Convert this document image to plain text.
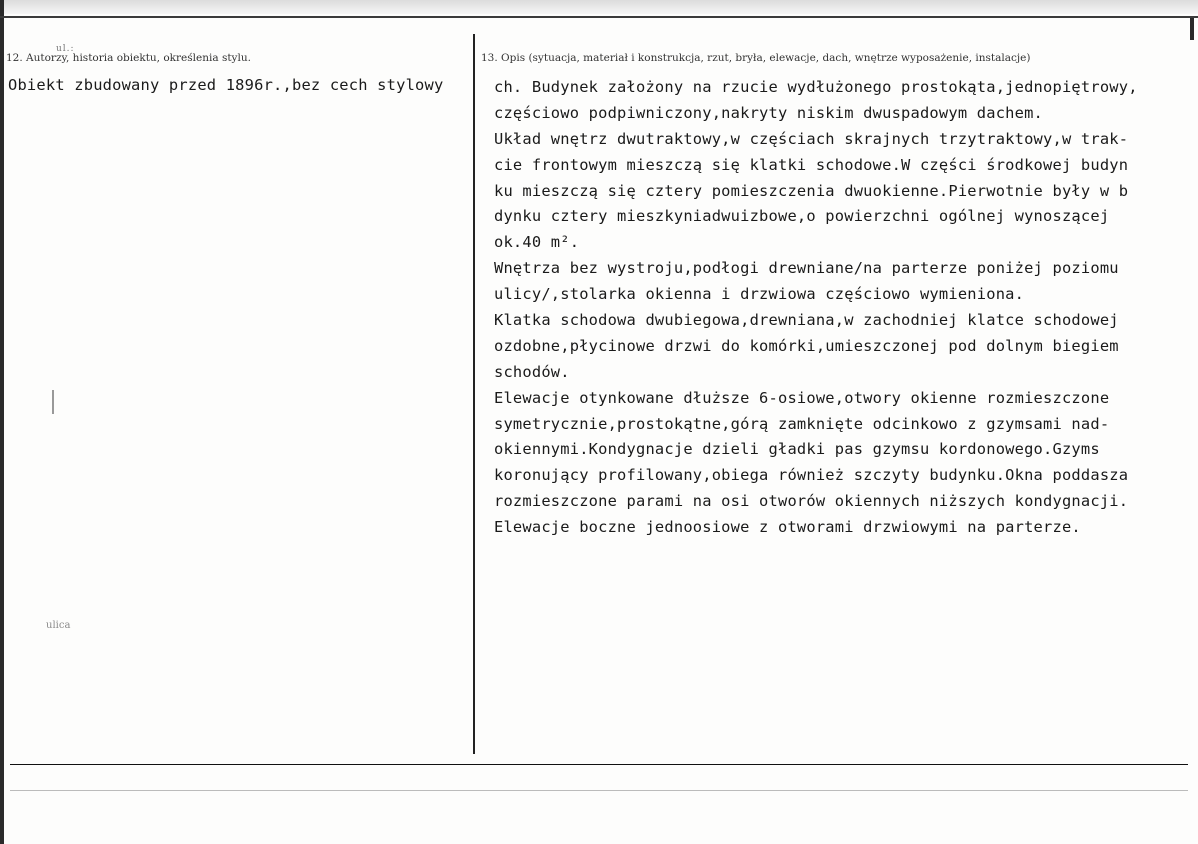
ul.:
ulica
12. Autorzy, historia obiektu, określenia stylu.	13. Opis (sytuacja, materiał i konstrukcja, rzut, bryła, elewacje, dach, wnętrze wyposażenie, instalacje)
Obiekt zbudowany przed 1896r.,bez cech stylowy	ch. Budynek założony na rzucie wydłużonego prostokąta,jednopiętrowy,
częściowo podpiwniczony,nakryty niskim dwuspadowym dachem.
Układ wnętrz dwutraktowy,w częściach skrajnych trzytraktowy,w trak-
cie frontowym mieszczą się klatki schodowe.W części środkowej budyn
ku mieszczą się cztery pomieszczenia dwuokienne.Pierwotnie były w b
dynku cztery mieszkyniadwuizbowe,o powierzchni ogólnej wynoszącej
ok.40 m².
Wnętrza bez wystroju,podłogi drewniane/na parterze poniżej poziomu
ulicy/,stolarka okienna i drzwiowa częściowo wymieniona.
Klatka schodowa dwubiegowa,drewniana,w zachodniej klatce schodowej
ozdobne,płycinowe drzwi do komórki,umieszczonej pod dolnym biegiem
schodów.
Elewacje otynkowane dłuższe 6-osiowe,otwory okienne rozmieszczone
symetrycznie,prostokątne,górą zamknięte odcinkowo z gzymsami nad-
okiennymi.Kondygnacje dzieli gładki pas gzymsu kordonowego.Gzyms
koronujący profilowany,obiega również szczyty budynku.Okna poddasza
rozmieszczone parami na osi otworów okiennych niższych kondygnacji.
Elewacje boczne jednoosiowe z otworami drzwiowymi na parterze.
